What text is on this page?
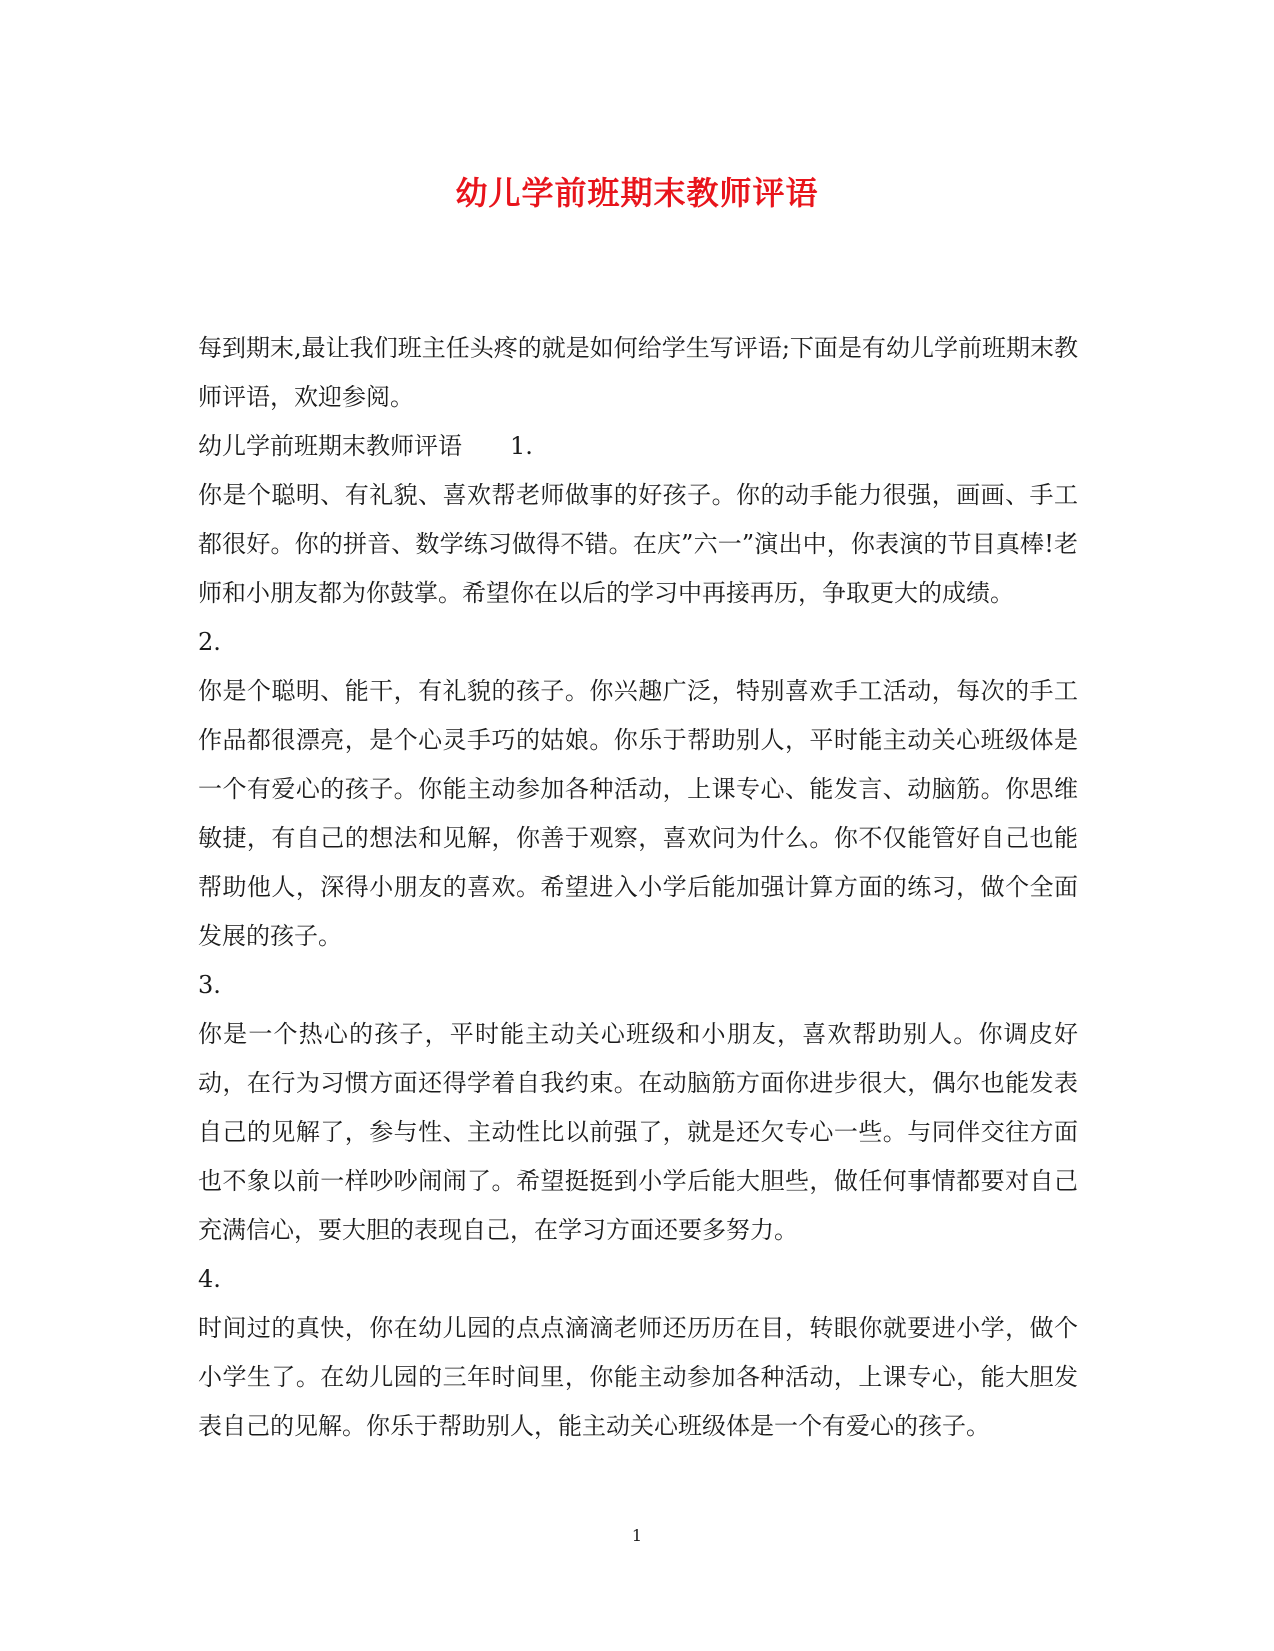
幼儿学前班期末教师评语

每到期末,最让我们班主任头疼的就是如何给学生写评语;下面是有幼儿学前班期末教师评语，欢迎参阅。

幼儿学前班期末教师评语 1.

你是个聪明、有礼貌、喜欢帮老师做事的好孩子。你的动手能力很强，画画、手工都很好。你的拼音、数学练习做得不错。在庆”六一”演出中，你表演的节目真棒!老师和小朋友都为你鼓掌。希望你在以后的学习中再接再历，争取更大的成绩。

2.

你是个聪明、能干，有礼貌的孩子。你兴趣广泛，特别喜欢手工活动，每次的手工作品都很漂亮，是个心灵手巧的姑娘。你乐于帮助别人，平时能主动关心班级体是一个有爱心的孩子。你能主动参加各种活动，上课专心、能发言、动脑筋。你思维敏捷，有自己的想法和见解，你善于观察，喜欢问为什么。你不仅能管好自己也能帮助他人，深得小朋友的喜欢。希望进入小学后能加强计算方面的练习，做个全面发展的孩子。

3.

你是一个热心的孩子，平时能主动关心班级和小朋友，喜欢帮助别人。你调皮好动，在行为习惯方面还得学着自我约束。在动脑筋方面你进步很大，偶尔也能发表自己的见解了，参与性、主动性比以前强了，就是还欠专心一些。与同伴交往方面也不象以前一样吵吵闹闹了。希望挺挺到小学后能大胆些，做任何事情都要对自己充满信心，要大胆的表现自己，在学习方面还要多努力。

4.

时间过的真快，你在幼儿园的点点滴滴老师还历历在目，转眼你就要进小学，做个小学生了。在幼儿园的三年时间里，你能主动参加各种活动，上课专心，能大胆发表自己的见解。你乐于帮助别人，能主动关心班级体是一个有爱心的孩子。

1
